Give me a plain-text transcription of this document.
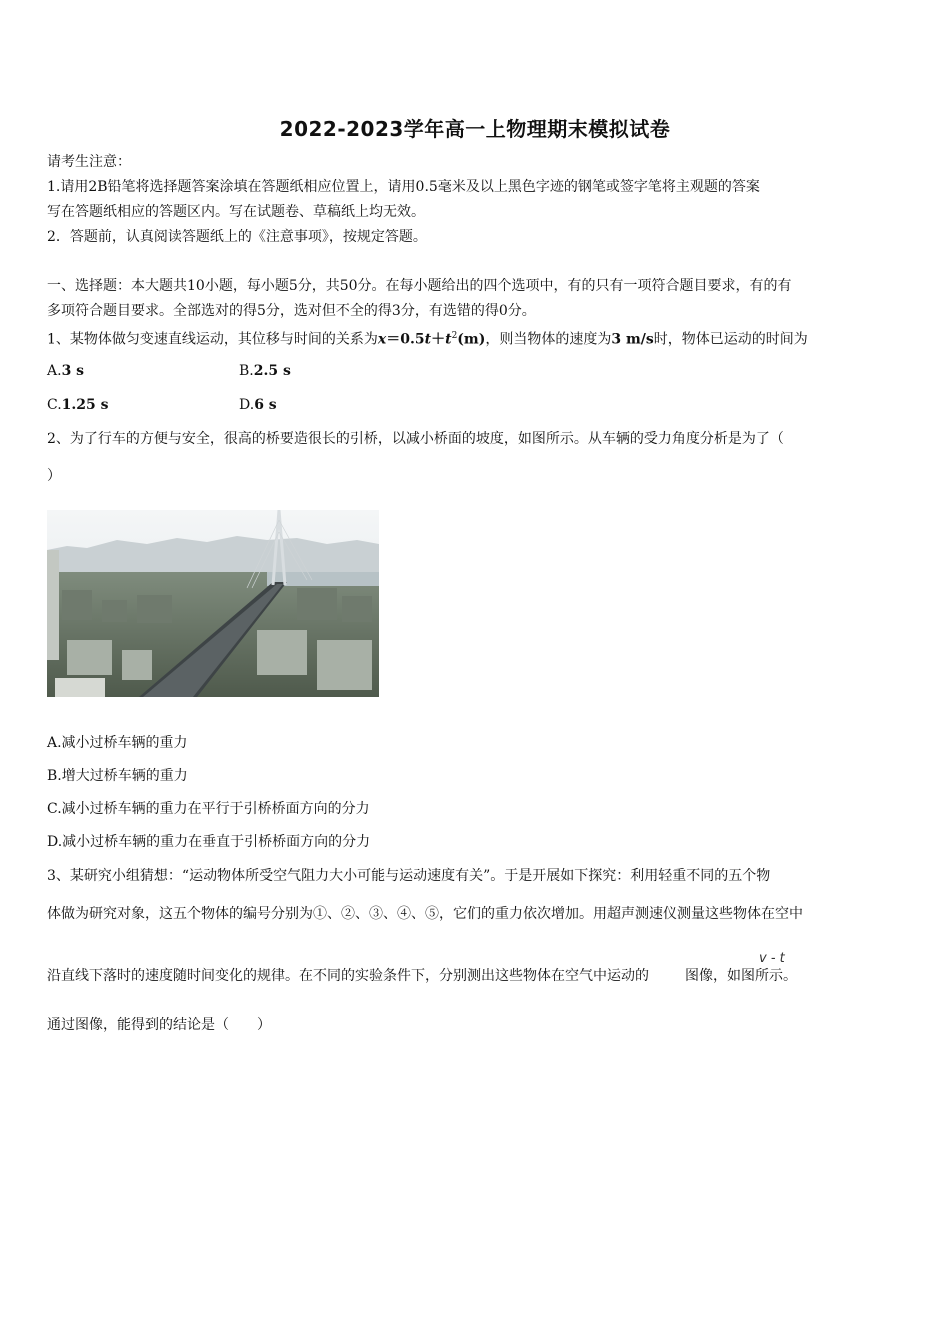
2022-2023学年高一上物理期末模拟试卷
请考生注意：
1.请用2B铅笔将选择题答案涂填在答题纸相应位置上，请用0.5毫米及以上黑色字迹的钢笔或签字笔将主观题的答案
写在答题纸相应的答题区内。写在试题卷、草稿纸上均无效。
2．答题前，认真阅读答题纸上的《注意事项》，按规定答题。
一、选择题：本大题共10小题，每小题5分，共50分。在每小题给出的四个选项中，有的只有一项符合题目要求，有的有
多项符合题目要求。全部选对的得5分，选对但不全的得3分，有选错的得0分。
1、某物体做匀变速直线运动，其位移与时间的关系为$x=0.5t+t^2(m)$，则当物体的速度为3 m/s时，物体已运动的时间为
A.3 s	B.2.5 s
C.1.25 s	D.6 s
2、为了行车的方便与安全，很高的桥要造很长的引桥，以减小桥面的坡度，如图所示。从车辆的受力角度分析是为了（
）
A.减小过桥车辆的重力
B.增大过桥车辆的重力
C.减小过桥车辆的重力在平行于引桥桥面方向的分力
D.减小过桥车辆的重力在垂直于引桥桥面方向的分力
3、某研究小组猜想：“运动物体所受空气阻力大小可能与运动速度有关”。于是开展如下探究：利用轻重不同的五个物
体做为研究对象，这五个物体的编号分别为①、②、③、④、⑤，它们的重力依次增加。用超声测速仪测量这些物体在空中
沿直线下落时的速度随时间变化的规律。在不同的实验条件下，分别测出这些物体在空气中运动的	图像，如图所示。
v - t
通过图像，能得到的结论是（　　）
